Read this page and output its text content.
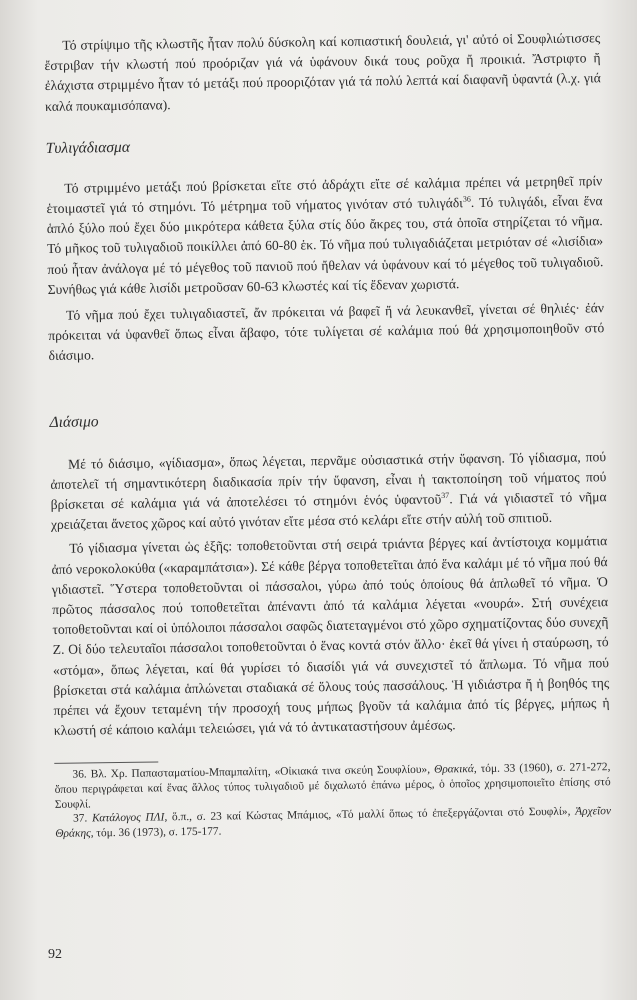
Τό στρίψιμο τῆς κλωστῆς ἦταν πολύ δύσκολη καί κοπιαστική δουλειά, γι' αὐτό οἱ Σουφλιώτισσες ἔστριβαν τήν κλωστή πού προόριζαν γιά νά ὑφάνουν δικά τους ροῦχα ἤ προικιά. Ἄστριφτο ἤ ἐλάχιστα στριμμένο ἦταν τό μετάξι πού προοριζόταν γιά τά πολύ λεπτά καί διαφανῆ ὑφαντά (λ.χ. γιά καλά πουκαμισόπανα).

Τυλιγάδιασμα

Τό στριμμένο μετάξι πού βρίσκεται εἴτε στό ἀδράχτι εἴτε σέ καλάμια πρέπει νά μετρηθεῖ πρίν ἑτοιμαστεῖ γιά τό στημόνι. Τό μέτρημα τοῦ νήματος γινόταν στό τυλιγάδι$^{36}$. Τό τυλιγάδι, εἶναι ἕνα ἁπλό ξύλο πού ἔχει δύο μικρότερα κάθετα ξύλα στίς δύο ἄκρες του, στά ὁποῖα στηρίζεται τό νῆμα. Τό μῆκος τοῦ τυλιγαδιοῦ ποικίλλει ἀπό 60-80 ἑκ. Τό νῆμα πού τυλιγαδιάζεται μετριόταν σέ «λισίδια» πού ἦταν ἀνάλογα μέ τό μέγεθος τοῦ πανιοῦ πού ἤθελαν νά ὑφάνουν καί τό μέγεθος τοῦ τυλιγαδιοῦ. Συνήθως γιά κάθε λισίδι μετροῦσαν 60-63 κλωστές καί τίς ἔδεναν χωριστά.

Τό νῆμα πού ἔχει τυλιγαδιαστεῖ, ἄν πρόκειται νά βαφεῖ ἤ νά λευκανθεῖ, γίνεται σέ θηλιές· ἐάν πρόκειται νά ὑφανθεῖ ὅπως εἶναι ἄβαφο, τότε τυλίγεται σέ καλάμια πού θά χρησιμοποιηθοῦν στό διάσιμο.

Διάσιμο

Μέ τό διάσιμο, «γίδιασμα», ὅπως λέγεται, περνᾶμε οὐσιαστικά στήν ὕφανση. Τό γίδιασμα, πού ἀποτελεῖ τή σημαντικότερη διαδικασία πρίν τήν ὕφανση, εἶναι ἡ τακτοποίηση τοῦ νήματος πού βρίσκεται σέ καλάμια γιά νά ἀποτελέσει τό στημόνι ἑνός ὑφαντοῦ$^{37}$. Γιά νά γιδιαστεῖ τό νῆμα χρειάζεται ἄνετος χῶρος καί αὐτό γινόταν εἴτε μέσα στό κελάρι εἴτε στήν αὐλή τοῦ σπιτιοῦ.

Τό γίδιασμα γίνεται ὡς ἑξῆς: τοποθετοῦνται στή σειρά τριάντα βέργες καί ἀντίστοιχα κομμάτια ἀπό νεροκολοκύθα («καραμπάτσια»). Σέ κάθε βέργα τοποθετεῖται ἀπό ἕνα καλάμι μέ τό νῆμα πού θά γιδιαστεῖ. Ὕστερα τοποθετοῦνται οἱ πάσσαλοι, γύρω ἀπό τούς ὁποίους θά ἁπλωθεῖ τό νῆμα. Ὁ πρῶτος πάσσαλος πού τοποθετεῖται ἀπέναντι ἀπό τά καλάμια λέγεται «νουρά». Στή συνέχεια τοποθετοῦνται καί οἱ ὑπόλοιποι πάσσαλοι σαφῶς διατεταγμένοι στό χῶρο σχηματίζοντας δύο συνεχῆ Ζ. Οἱ δύο τελευταῖοι πάσσαλοι τοποθετοῦνται ὁ ἕνας κοντά στόν ἄλλο· ἐκεῖ θά γίνει ἡ σταύρωση, τό «στόμα», ὅπως λέγεται, καί θά γυρίσει τό διασίδι γιά νά συνεχιστεῖ τό ἅπλωμα. Τό νῆμα πού βρίσκεται στά καλάμια ἁπλώνεται σταδιακά σέ ὅλους τούς πασσάλους. Ἡ γιδιάστρα ἤ ἡ βοηθός της πρέπει νά ἔχουν τεταμένη τήν προσοχή τους μήπως βγοῦν τά καλάμια ἀπό τίς βέργες, μήπως ἡ κλωστή σέ κάποιο καλάμι τελειώσει, γιά νά τό ἀντικαταστήσουν ἀμέσως.

36. Βλ. Χρ. Παπασταματίου-Μπαμπαλίτη, «Οἰκιακά τινα σκεύη Σουφλίου», Θρακικά, τόμ. 33 (1960), σ. 271-272, ὅπου περιγράφεται καί ἕνας ἄλλος τύπος τυλιγαδιοῦ μέ διχαλωτό ἐπάνω μέρος, ὁ ὁποῖος χρησιμοποιεῖτο ἐπίσης στό Σουφλί.

37. Κατάλογος ΠΛΙ, ὅ.π., σ. 23 καί Κώστας Μπάμιος, «Τό μαλλί ὅπως τό ἐπεξεργάζονται στό Σουφλί», Ἀρχεῖον Θράκης, τόμ. 36 (1973), σ. 175-177.

92
